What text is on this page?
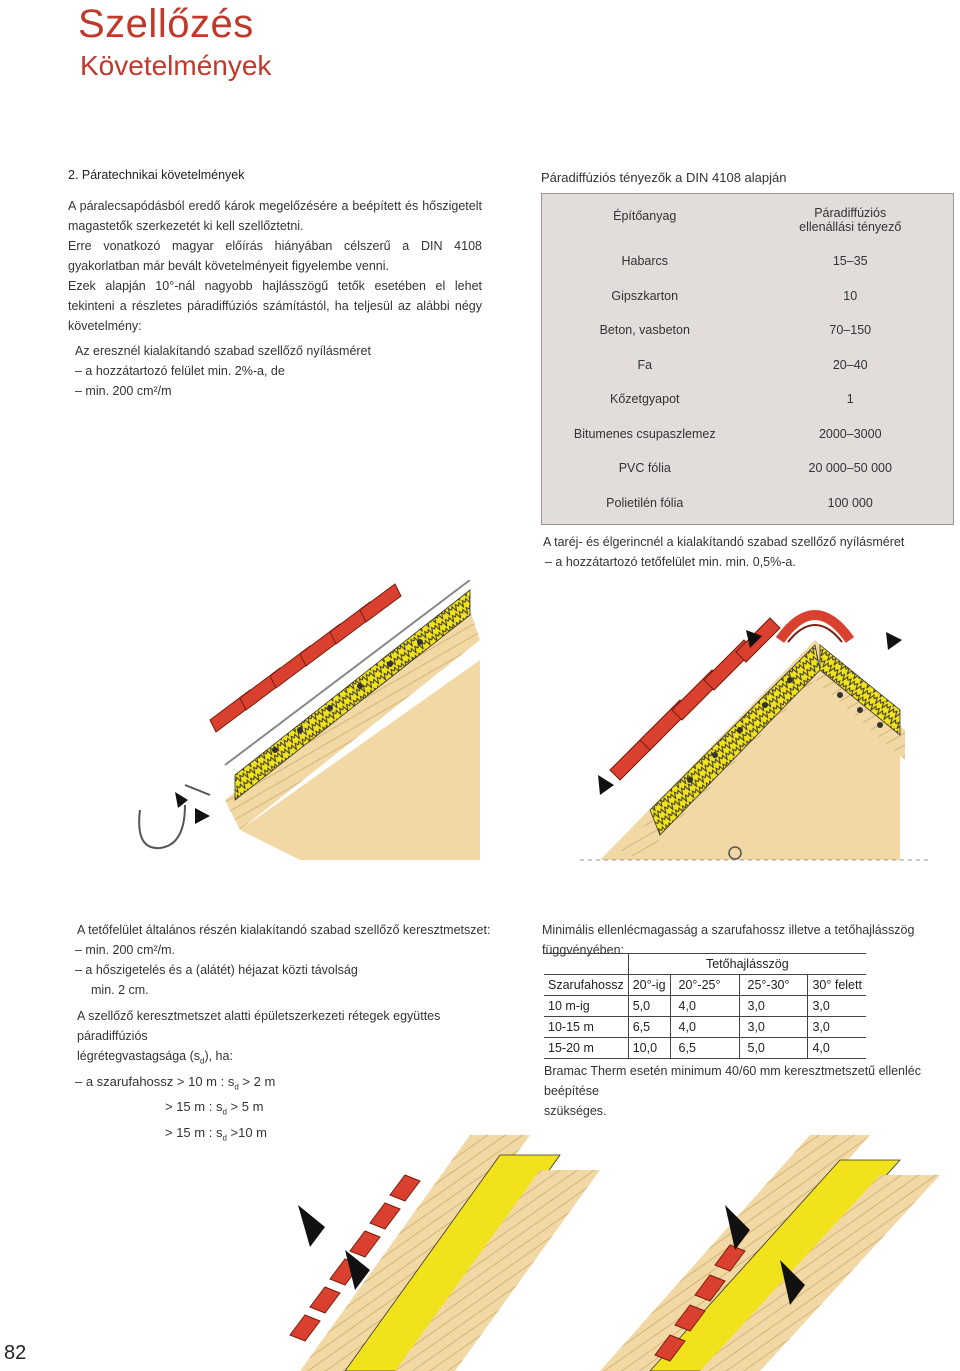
Szellőzés
Követelmények
2. Páratechnikai követelmények
A páralecsapódásból eredő károk megelőzésére a beépített és hőszigetelt magastetők szerkezetét ki kell szellőztetni.
Erre vonatkozó magyar előírás hiányában célszerű a DIN 4108 gyakorlatban már bevált követelményeit figyelembe venni.
Ezek alapján 10°-nál nagyobb hajlásszögű tetők esetében el lehet tekinteni a részletes páradiffúziós számítástól, ha teljesül az alábbi négy követelmény:
Az eresznél kialakítandó szabad szellőző nyílásméret
– a hozzátartozó felület min. 2%-a, de
– min. 200 cm²/m
Páradiffúziós tényezők a DIN 4108 alapján
Építőanyag	Páradiffúziós
ellenállási tényező
Habarcs	15–35
Gipszkarton	10
Beton, vasbeton	70–150
Fa	20–40
Kőzetgyapot	1
Bitumenes csupaszlemez	2000–3000
PVC fólia	20 000–50 000
Polietilén fólia	100 000
A taréj- és élgerincnél a kialakítandó szabad szellőző nyílásméret
– a hozzátartozó tetőfelület min. min. 0,5%-a.
A tetőfelület általános részén kialakítandó szabad szellőző keresztmetszet:
– min. 200 cm²/m.
– a hőszigetelés és a (alátét) héjazat közti távolság
min. 2 cm.
A szellőző keresztmetszet alatti épületszerkezeti rétegek együttes páradiffúziós
légrétegvastagsága $(s_d)$, ha:
– a szarufahossz > 10 m : $s_d > 2$ m
> 15 m : $s_d > 5$ m
> 15 m : $s_d >10$ m
Minimális ellenlécmagasság a szarufahossz illetve a tetőhajlásszög függvényében:
	Tetőhajlásszög			
Szarufahossz	20°-ig	20°-25°	25°-30°	30° felett
10 m-ig	5,0	4,0	3,0	3,0
10-15 m	6,5	4,0	3,0	3,0
15-20 m	10,0	6,5	5,0	4,0
Bramac Therm esetén minimum 40/60 mm keresztmetszetű ellenléc beépítése
szükséges.
82
